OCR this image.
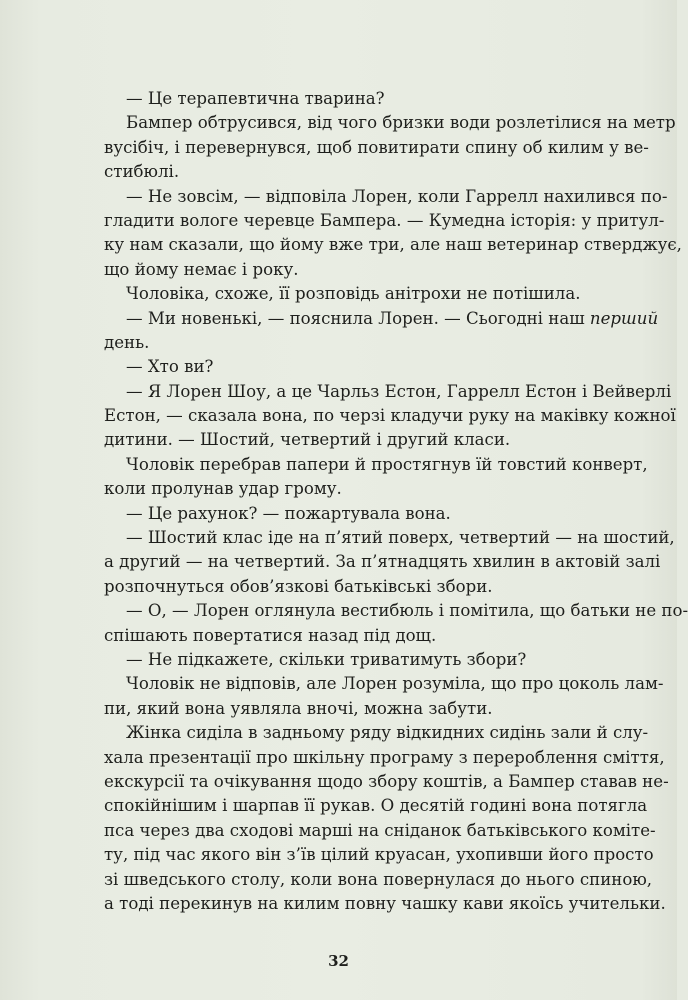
— Це терапевтична тварина?
Бампер обтрусився, від чого бризки води розлетілися на метр
вусібіч, і перевернувся, щоб повитирати спину об килим у ве-
стибюлі.
— Не зовсім, — відповіла Лорен, коли Гаррелл нахилився по-
гладити вологе черевце Бампера. — Кумедна історія: у притул-
ку нам сказали, що йому вже три, але наш ветеринар стверджує,
що йому немає і року.
Чоловіка, схоже, її розповідь анітрохи не потішила.
— Ми новенькі, — пояснила Лорен. — Сьогодні наш перший
день.
— Хто ви?
— Я Лорен Шоу, а це Чарльз Естон, Гаррелл Естон і Вейверлі
Естон, — сказала вона, по черзі кладучи руку на маківку кожної
дитини. — Шостий, четвертий і другий класи.
Чоловік перебрав папери й простягнув їй товстий конверт,
коли пролунав удар грому.
— Це рахунок? — пожартувала вона.
— Шостий клас іде на п’ятий поверх, четвертий — на шостий,
а другий — на четвертий. За п’ятнадцять хвилин в актовій залі
розпочнуться обов’язкові батьківські збори.
— О, — Лорен оглянула вестибюль і помітила, що батьки не по-
спішають повертатися назад під дощ.
— Не підкажете, скільки триватимуть збори?
Чоловік не відповів, але Лорен розуміла, що про цоколь лам-
пи, який вона уявляла вночі, можна забути.
Жінка сиділа в задньому ряду відкидних сидінь зали й слу-
хала презентації про шкільну програму з перероблення сміття,
екскурсії та очікування щодо збору коштів, а Бампер ставав не-
спокійнішим і шарпав її рукав. О десятій годині вона потягла
пса через два сходові марші на сніданок батьківського коміте-
ту, під час якого він з’їв цілий круасан, ухопивши його просто
зі шведського столу, коли вона повернулася до нього спиною,
а тоді перекинув на килим повну чашку кави якоїсь учительки.
32
